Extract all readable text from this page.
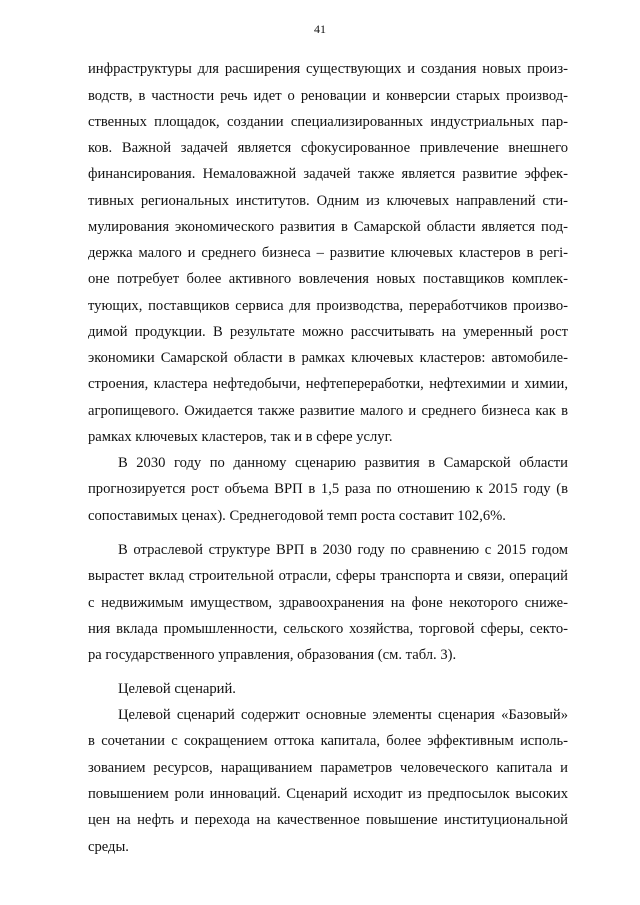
41
инфраструктуры для расширения существующих и создания новых произ-
водств, в частности речь идет о реновации и конверсии старых производ-
ственных площадок, создании специализированных индустриальных пар-
ков. Важной задачей является сфокусированное привлечение внешнего
финансирования. Немаловажной задачей также является развитие эффек-
тивных региональных институтов. Одним из ключевых направлений сти-
мулирования экономического развития в Самарской области является под-
держка малого и среднего бизнеса – развитие ключевых кластеров в регі-
оне потребует более активного вовлечения новых поставщиков комплек-
тующих, поставщиков сервиса для производства, переработчиков произво-
димой продукции. В результате можно рассчитывать на умеренный рост
экономики Самарской области в рамках ключевых кластеров: автомобиле-
строения, кластера нефтедобычи, нефтепереработки, нефтехимии и химии,
агропищевого. Ожидается также развитие малого и среднего бизнеса как в
рамках ключевых кластеров, так и в сфере услуг.
В 2030 году по данному сценарию развития в Самарской области
прогнозируется рост объема ВРП в 1,5 раза по отношению к 2015 году (в
сопоставимых ценах). Среднегодовой темп роста составит 102,6%.
В отраслевой структуре ВРП в 2030 году по сравнению с 2015 годом
вырастет вклад строительной отрасли, сферы транспорта и связи, операций
с недвижимым имуществом, здравоохранения на фоне некоторого сниже-
ния вклада промышленности, сельского хозяйства, торговой сферы, секто-
ра государственного управления, образования (см. табл. 3).
Целевой сценарий.
Целевой сценарий содержит основные элементы сценария «Базовый»
в сочетании с сокращением оттока капитала, более эффективным исполь-
зованием ресурсов, наращиванием параметров человеческого капитала и
повышением роли инноваций. Сценарий исходит из предпосылок высоких
цен на нефть и перехода на качественное повышение институциональной
среды.
